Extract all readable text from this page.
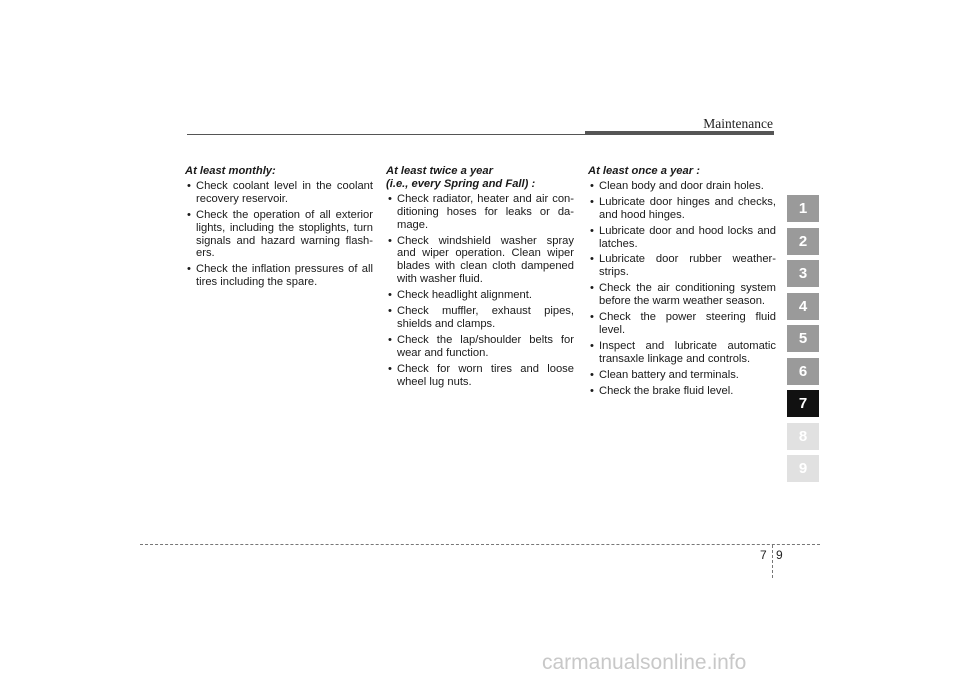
Maintenance
At least monthly:
• Check coolant level in the coolant recovery reservoir.
• Check the operation of all exterior lights, including the stoplights, turn signals and hazard warning flash-ers.
• Check the inflation pressures of all tires including the spare.
At least twice a year
(i.e., every Spring and Fall) :
• Check radiator, heater and air con-ditioning hoses for leaks or da-mage.
• Check windshield washer spray and wiper operation. Clean wiper blades with clean cloth dampened with washer fluid.
• Check headlight alignment.
• Check muffler, exhaust pipes, shields and clamps.
• Check the lap/shoulder belts for wear and function.
• Check for worn tires and loose wheel lug nuts.
At least once a year :
• Clean body and door drain holes.
• Lubricate door hinges and checks, and hood hinges.
• Lubricate door and hood locks and latches.
• Lubricate door rubber weather-strips.
• Check the air conditioning system before the warm weather season.
• Check the power steering fluid level.
• Inspect and lubricate automatic transaxle linkage and controls.
• Clean battery and terminals.
• Check the brake fluid level.
1
2
3
4
5
6
7
8
9
7 9
carmanualsonline.info
